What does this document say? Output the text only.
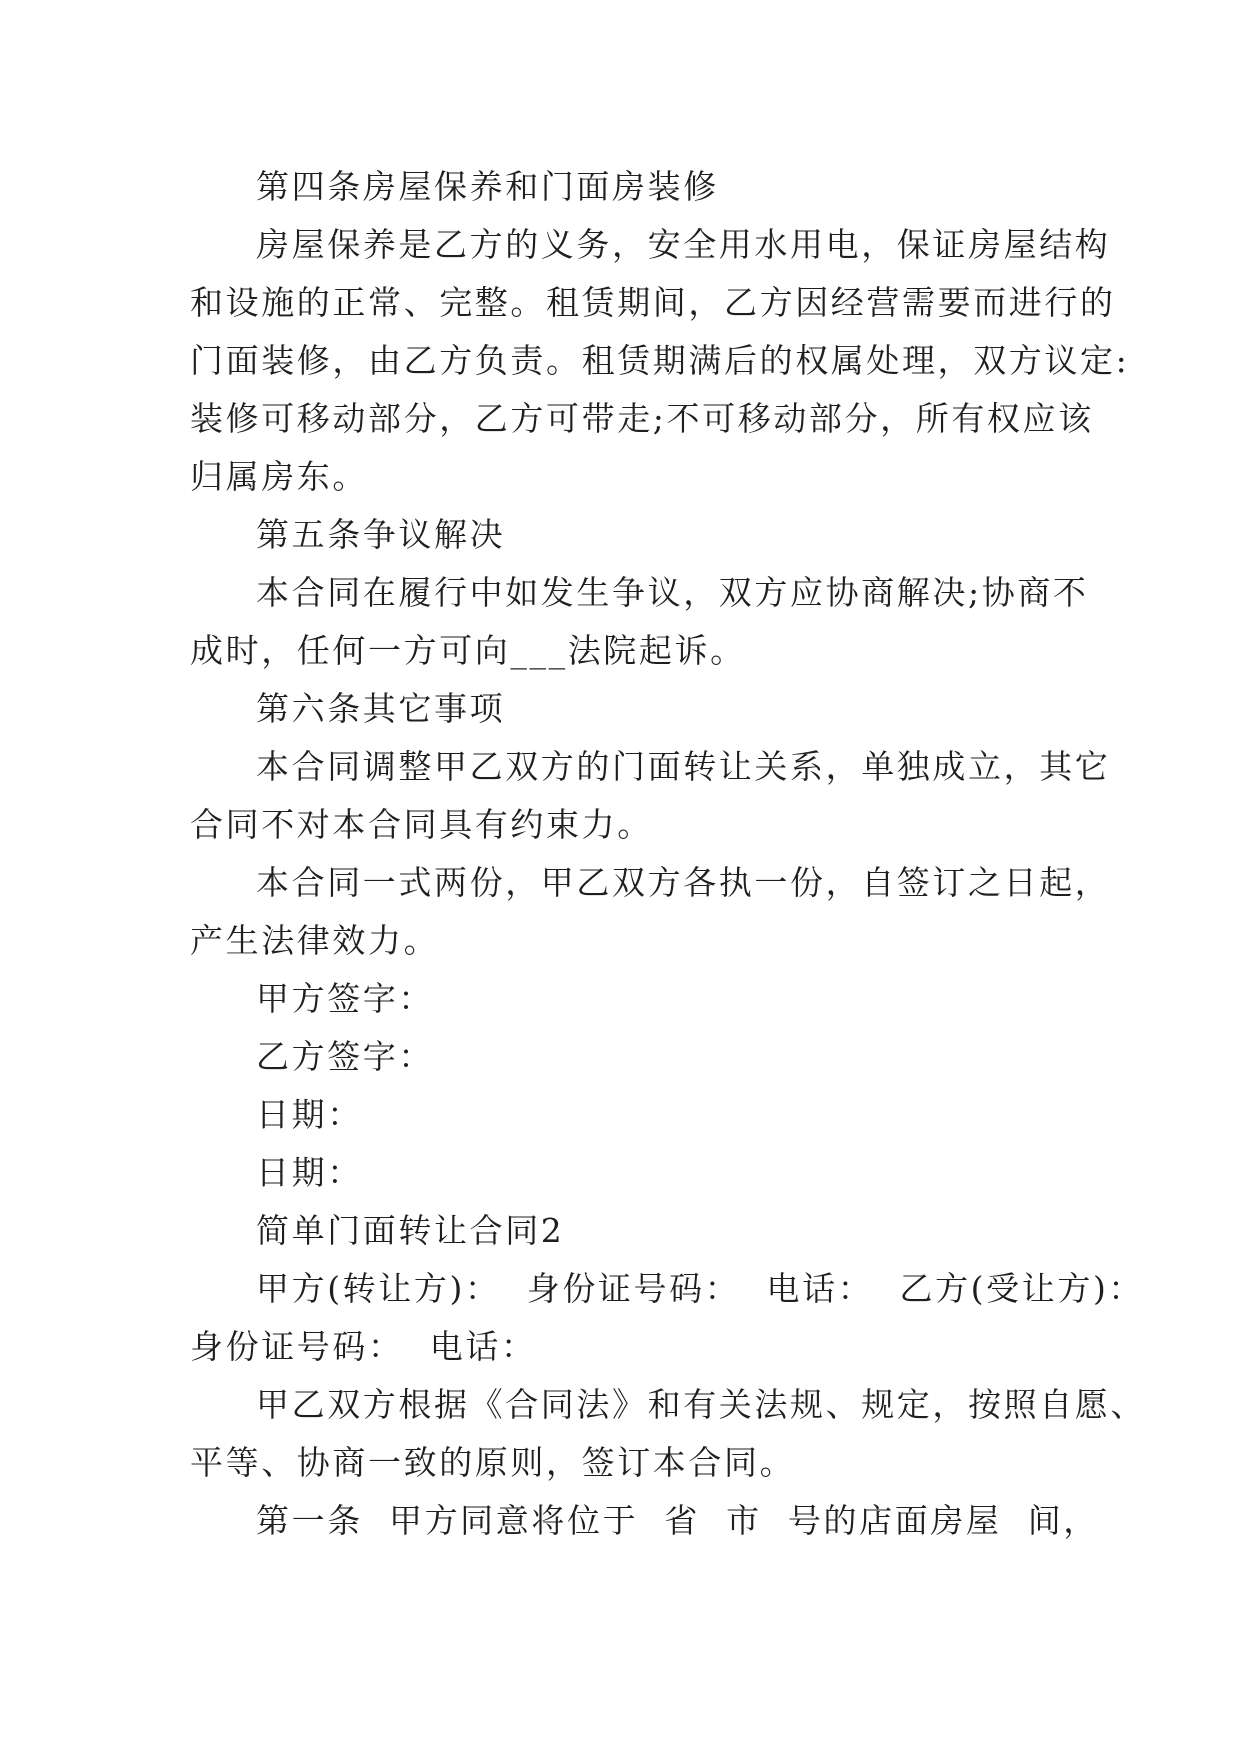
第四条房屋保养和门面房装修
房屋保养是乙方的义务，安全用水用电，保证房屋结构
和设施的正常、完整。租赁期间，乙方因经营需要而进行的
门面装修，由乙方负责。租赁期满后的权属处理，双方议定:
装修可移动部分，乙方可带走;不可移动部分，所有权应该
归属房东。
第五条争议解决
本合同在履行中如发生争议，双方应协商解决;协商不
成时，任何一方可向___法院起诉。
第六条其它事项
本合同调整甲乙双方的门面转让关系，单独成立，其它
合同不对本合同具有约束力。
本合同一式两份，甲乙双方各执一份，自签订之日起，
产生法律效力。
甲方签字：
乙方签字：
日期：
日期：
简单门面转让合同2
甲方(转让方)：  身份证号码：  电话：  乙方(受让方)：
身份证号码：  电话：
甲乙双方根据《合同法》和有关法规、规定，按照自愿、
平等、协商一致的原则，签订本合同。
第一条  甲方同意将位于  省  市  号的店面房屋  间，
